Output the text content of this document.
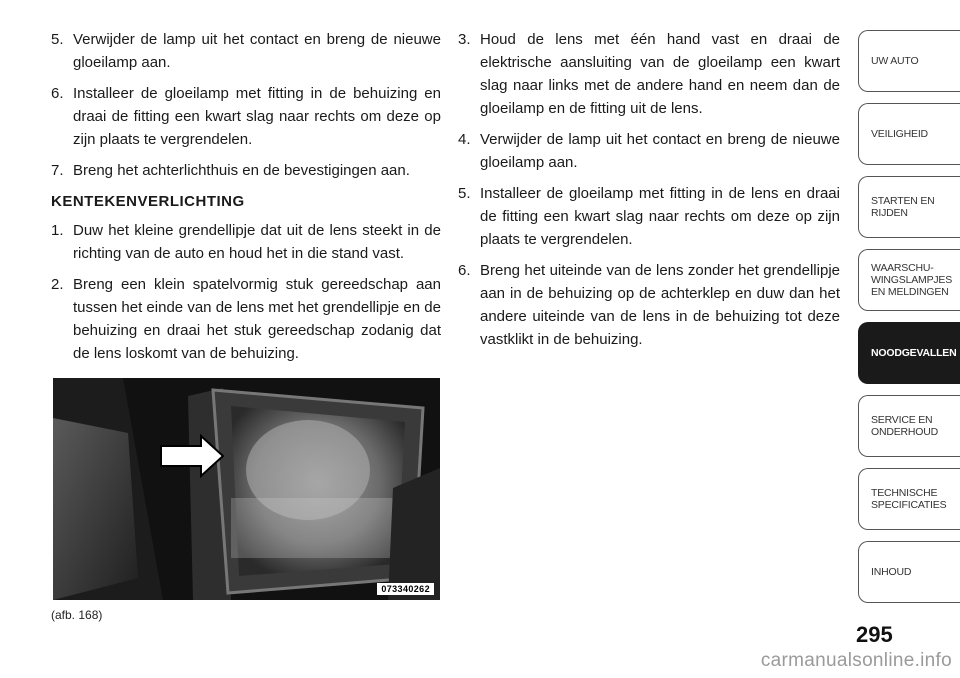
5. Verwijder de lamp uit het contact en breng de nieuwe gloeilamp aan.
6. Installeer de gloeilamp met fitting in de behuizing en draai de fitting een kwart slag naar rechts om deze op zijn plaats te vergrendelen.
7. Breng het achterlichthuis en de bevestigingen aan.
KENTEKENVERLICHTING
1. Duw het kleine grendellipje dat uit de lens steekt in de richting van de auto en houd het in die stand vast.
2. Breng een klein spatelvormig stuk gereedschap aan tussen het einde van de lens met het grendellipje en de behuizing en draai het stuk gereedschap zodanig dat de lens loskomt van de behuizing.
3. Houd de lens met één hand vast en draai de elektrische aansluiting van de gloeilamp een kwart slag naar links met de andere hand en neem dan de gloeilamp en de fitting uit de lens.
4. Verwijder de lamp uit het contact en breng de nieuwe gloeilamp aan.
5. Installeer de gloeilamp met fitting in de lens en draai de fitting een kwart slag naar rechts om deze op zijn plaats te vergrendelen.
6. Breng het uiteinde van de lens zonder het grendellipje aan in de behuizing op de achterklep en duw dan het andere uiteinde van de lens in de behuizing tot deze vastklikt in de behuizing.
073340262
(afb. 168)
UW AUTO
VEILIGHEID
STARTEN EN
RIJDEN
WAARSCHU-
WINGSLAMPJES
EN MELDINGEN
NOODGEVALLEN
SERVICE EN
ONDERHOUD
TECHNISCHE
SPECIFICATIES
INHOUD
295
carmanualsonline.info
